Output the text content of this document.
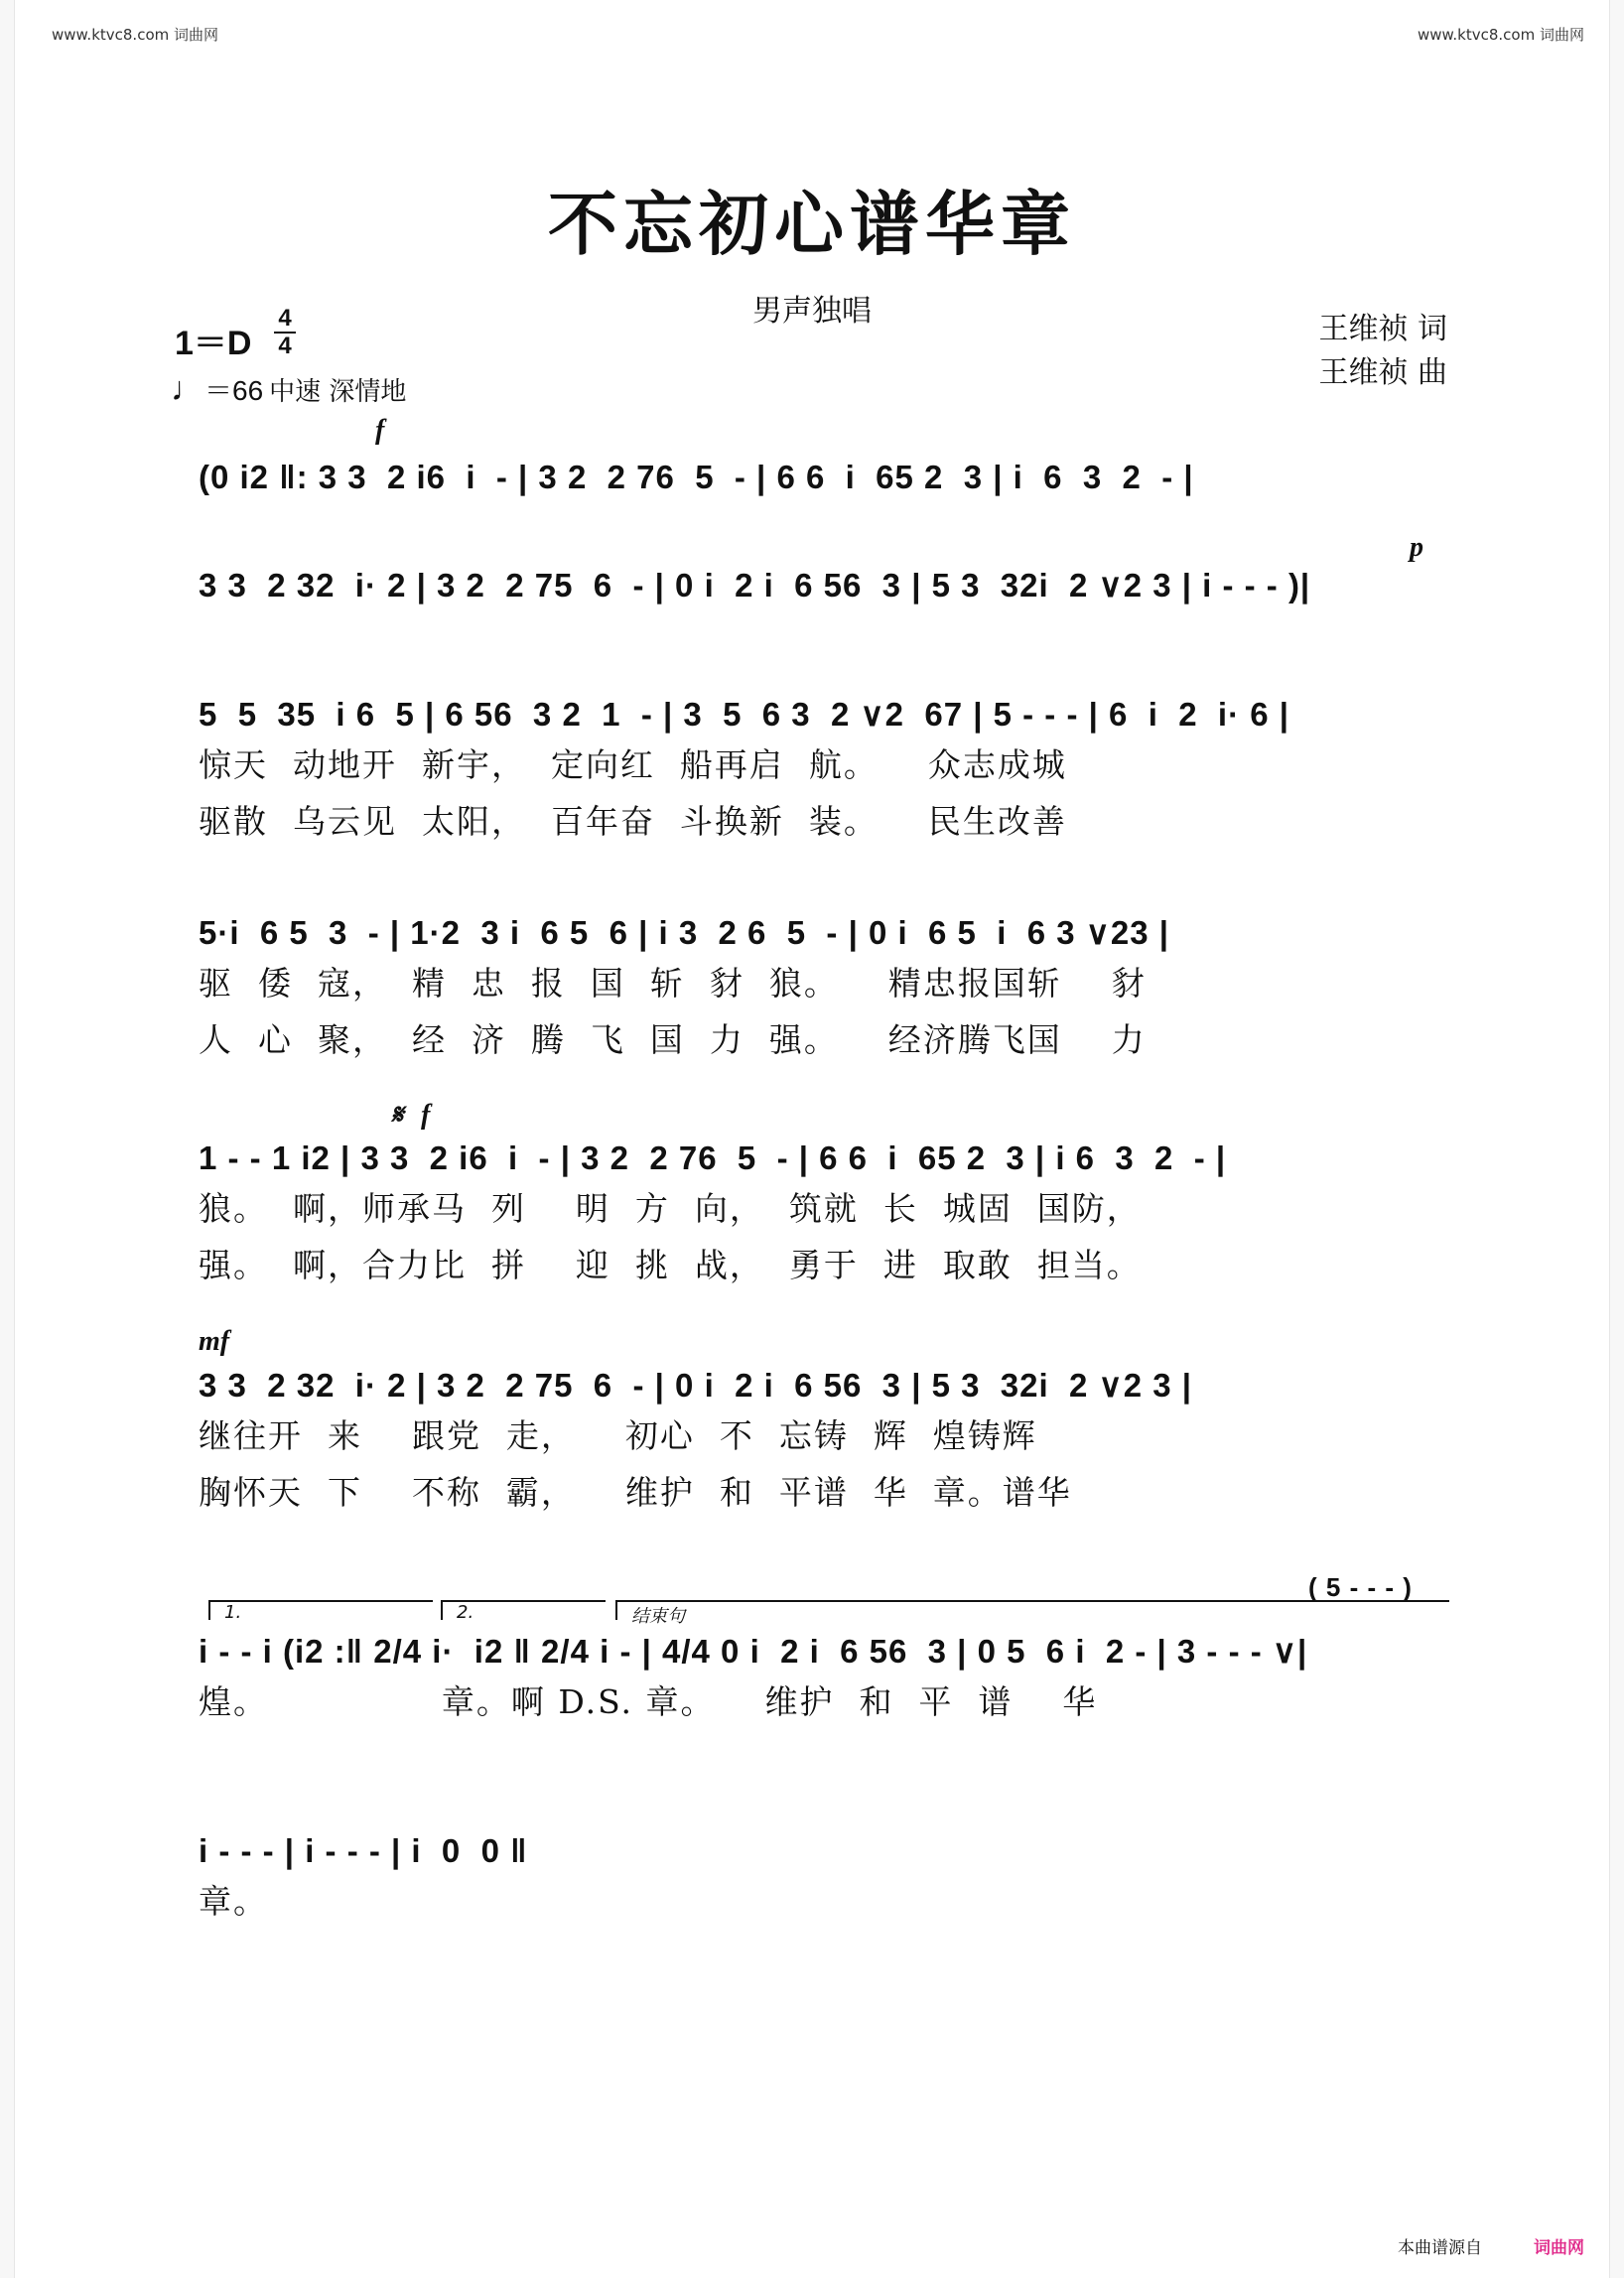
www.ktvc8.com 词曲网	www.ktvc8.com 词曲网
不忘初心谱华章
男声独唱
王维祯 词
王维祯 曲
1＝D
4
4
♩＝66 中速 深情地
f
p
𝄋 f
mf
(0 i2 ‖: 3 3  2 i6  i  - | 3 2  2 76  5  - | 6 6  i  65 2  3 | i  6  3  2  - |
3 3  2 32  i· 2 | 3 2  2 75  6  - | 0 i  2 i  6 56  3 | 5 3  32i  2 ∨2 3 | i - - - )|
5  5  35  i 6  5 | 6 56  3 2  1  - | 3  5  6 3  2 ∨2  67 | 5 - - - | 6  i  2  i· 6 |
惊天  动地开  新宇，  定向红  船再启  航。    众志成城
驱散  乌云见  太阳，  百年奋  斗换新  装。    民生改善
5·i  6 5  3  - | 1·2  3 i  6 5  6 | i 3  2 6  5  - | 0 i  6 5  i  6 3 ∨23 |
驱  倭  寇，  精  忠  报  国  斩  豺  狼。    精忠报国斩    豺
人  心  聚，  经  济  腾  飞  国  力  强。    经济腾飞国    力
1 - - 1 i2 | 3 3  2 i6  i  - | 3 2  2 76  5  - | 6 6  i  65 2  3 | i 6  3  2  - |
狼。  啊，师承马  列    明  方  向，  筑就  长  城固  国防，
强。  啊，合力比  拼    迎  挑  战，  勇于  进  取敢  担当。
3 3  2 32  i· 2 | 3 2  2 75  6  - | 0 i  2 i  6 56  3 | 5 3  32i  2 ∨2 3 |
继往开  来    跟党  走，    初心  不  忘铸  辉  煌铸辉
胸怀天  下    不称  霸，    维护  和  平谱  华  章。谱华
1.	2.	结束句
( 5 - - - )
i - - i (i2 :‖ 2/4 i·  i2 ‖ 2/4 i - | 4/4 0 i  2 i  6 56  3 | 0 5  6 i  2 - | 3 - - - ∨|
煌。              章。啊 D.S. 章。    维护  和  平  谱    华
i - - - | i - - - | i  0  0 ‖
章。
本曲谱源自	词曲网
